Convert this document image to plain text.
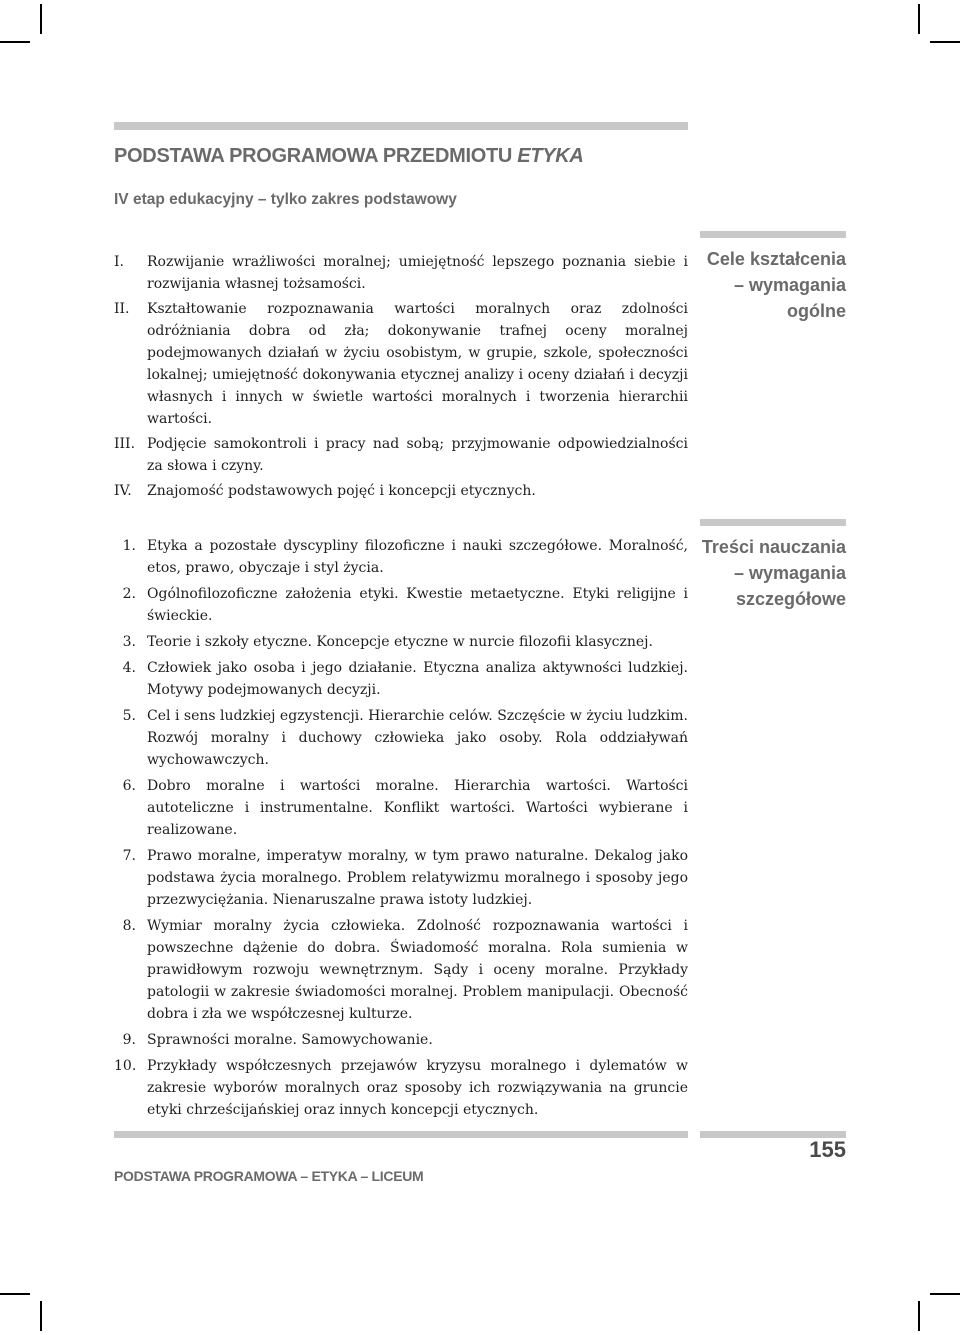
PODSTAWA PROGRAMOWA PRZEDMIOTU ETYKA

IV etap edukacyjny – tylko zakres podstawowy

I. Rozwijanie wrażliwości moralnej; umiejętność lepszego poznania siebie i rozwijania własnej tożsamości.
II. Kształtowanie rozpoznawania wartości moralnych oraz zdolności odróżniania dobra od zła; dokonywanie trafnej oceny moralnej podejmowanych działań w życiu osobistym, w grupie, szkole, społeczności lokalnej; umiejętność dokonywania etycznej analizy i oceny działań i decyzji własnych i innych w świetle wartości moralnych i tworzenia hierarchii wartości.
III. Podjęcie samokontroli i pracy nad sobą; przyjmowanie odpowiedzialności za słowa i czyny.
IV. Znajomość podstawowych pojęć i koncepcji etycznych.

Cele kształcenia
– wymagania
ogólne

1. Etyka a pozostałe dyscypliny filozoficzne i nauki szczegółowe. Moralność, etos, prawo, obyczaje i styl życia.
2. Ogólnofilozoficzne założenia etyki. Kwestie metaetyczne. Etyki religijne i świeckie.
3. Teorie i szkoły etyczne. Koncepcje etyczne w nurcie filozofii klasycznej.
4. Człowiek jako osoba i jego działanie. Etyczna analiza aktywności ludzkiej. Motywy podejmowanych decyzji.
5. Cel i sens ludzkiej egzystencji. Hierarchie celów. Szczęście w życiu ludzkim. Rozwój moralny i duchowy człowieka jako osoby. Rola oddziaływań wychowawczych.
6. Dobro moralne i wartości moralne. Hierarchia wartości. Wartości autoteliczne i instrumentalne. Konflikt wartości. Wartości wybierane i realizowane.
7. Prawo moralne, imperatyw moralny, w tym prawo naturalne. Dekalog jako podstawa życia moralnego. Problem relatywizmu moralnego i sposoby jego przezwyciężania. Nienaruszalne prawa istoty ludzkiej.
8. Wymiar moralny życia człowieka. Zdolność rozpoznawania wartości i powszechne dążenie do dobra. Świadomość moralna. Rola sumienia w prawidłowym rozwoju wewnętrznym. Sądy i oceny moralne. Przykłady patologii w zakresie świadomości moralnej. Problem manipulacji. Obecność dobra i zła we współczesnej kulturze.
9. Sprawności moralne. Samowychowanie.
10. Przykłady współczesnych przejawów kryzysu moralnego i dylematów w zakresie wyborów moralnych oraz sposoby ich rozwiązywania na gruncie etyki chrześcijańskiej oraz innych koncepcji etycznych.

Treści nauczania
– wymagania
szczegółowe

PODSTAWA PROGRAMOWA – ETYKA – LICEUM

155
